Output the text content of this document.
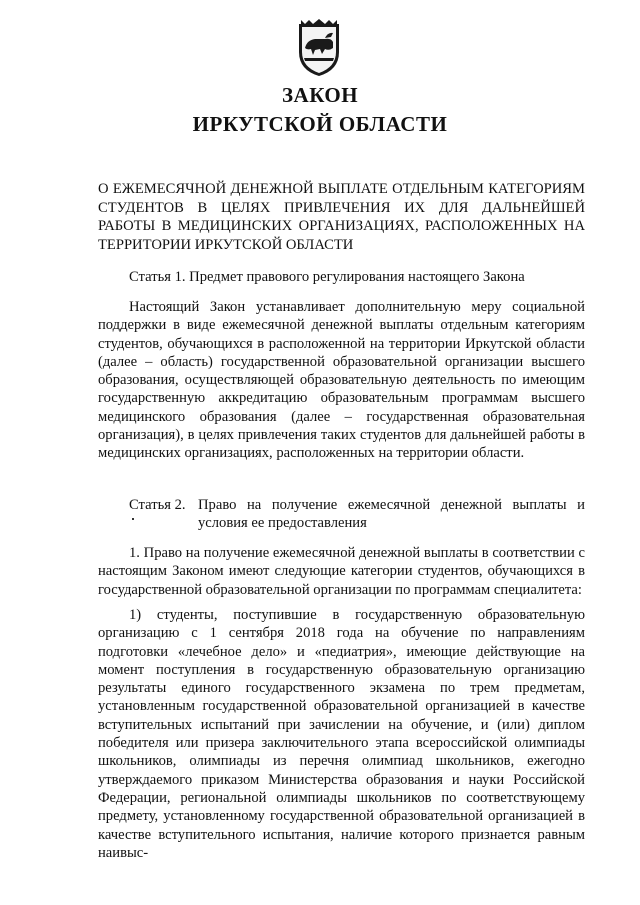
ЗАКОН
ИРКУТСКОЙ ОБЛАСТИ
О ЕЖЕМЕСЯЧНОЙ ДЕНЕЖНОЙ ВЫПЛАТЕ ОТДЕЛЬНЫМ КАТЕГОРИЯМ СТУДЕНТОВ В ЦЕЛЯХ ПРИВЛЕЧЕНИЯ ИХ ДЛЯ ДАЛЬНЕЙШЕЙ РАБОТЫ В МЕДИЦИНСКИХ ОРГАНИЗАЦИЯХ, РАСПОЛОЖЕННЫХ НА ТЕРРИТОРИИ ИРКУТСКОЙ ОБЛАСТИ
Статья 1. Предмет правового регулирования настоящего Закона
Настоящий Закон устанавливает дополнительную меру социальной поддержки в виде ежемесячной денежной выплаты отдельным категориям студентов, обучающихся в расположенной на территории Иркутской области (далее – область) государственной образовательной организации высшего образования, осуществляющей образовательную деятельность по имеющим государственную аккредитацию образовательным программам высшего медицинского образования (далее – государственная образовательная организация), в целях привлечения таких студентов для дальнейшей работы в медицинских организациях, расположенных на территории области.
Статья 2. Право на получение ежемесячной денежной выплаты и условия ее предоставления
1. Право на получение ежемесячной денежной выплаты в соответствии с настоящим Законом имеют следующие категории студентов, обучающихся в государственной образовательной организации по программам специалитета:
1) студенты, поступившие в государственную образовательную организацию с 1 сентября 2018 года на обучение по направлениям подготовки «лечебное дело» и «педиатрия», имеющие действующие на момент поступления в государственную образовательную организацию результаты единого государственного экзамена по трем предметам, установленным государственной образовательной организацией в качестве вступительных испытаний при зачислении на обучение, и (или) диплом победителя или призера заключительного этапа всероссийской олимпиады школьников, олимпиады из перечня олимпиад школьников, ежегодно утверждаемого приказом Министерства образования и науки Российской Федерации, региональной олимпиады школьников по соответствующему предмету, установленному государственной образовательной организацией в качестве вступительного испытания, наличие которого признается равным наивыс-
